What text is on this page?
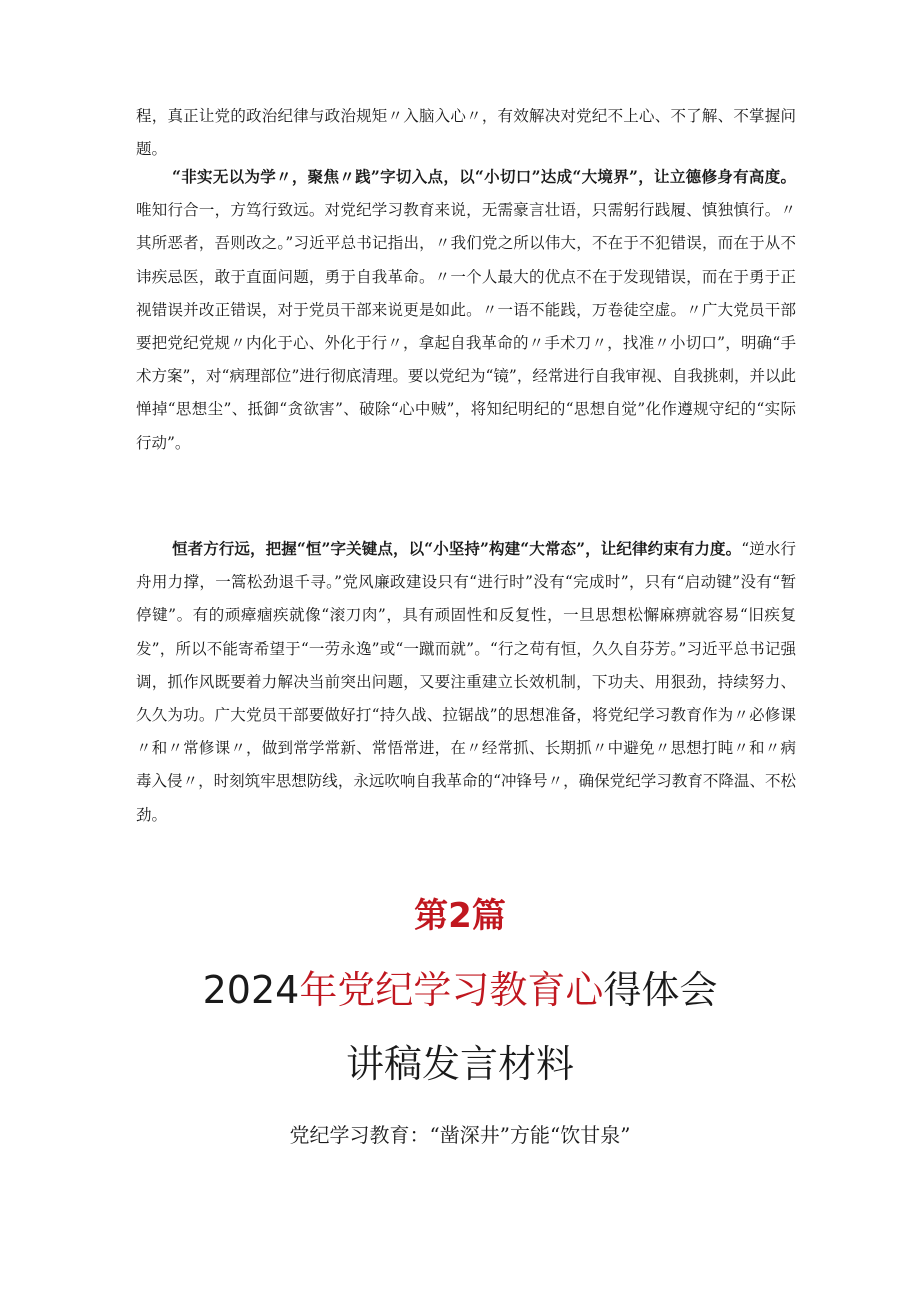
程，真正让党的政治纪律与政治规矩〃入脑入心〃，有效解决对党纪不上心、不了解、不掌握问题。

“非实无以为学〃，聚焦〃践”字切入点，以“小切口”达成“大境界”，让立德修身有高度。唯知行合一，方笃行致远。对党纪学习教育来说，无需豪言壮语，只需躬行践履、慎独慎行。〃其所恶者，吾则改之。”习近平总书记指出，〃我们党之所以伟大，不在于不犯错误，而在于从不讳疾忌医，敢于直面问题，勇于自我革命。〃一个人最大的优点不在于发现错误，而在于勇于正视错误并改正错误，对于党员干部来说更是如此。〃一语不能践，万卷徒空虚。〃广大党员干部要把党纪党规〃内化于心、外化于行〃，拿起自我革命的〃手术刀〃，找准〃小切口”，明确“手术方案”，对“病理部位”进行彻底清理。要以党纪为“镜”，经常进行自我审视、自我挑刺，并以此惮掉“思想尘”、抵御“贪欲害”、破除“心中贼”，将知纪明纪的“思想自觉”化作遵规守纪的“实际行动”。

恒者方行远，把握“恒”字关键点，以“小坚持”构建“大常态”，让纪律约束有力度。“逆水行舟用力撑，一篙松劲退千寻。”党风廉政建设只有“进行时”没有“完成时”，只有“启动键”没有“暂停键”。有的顽瘴痼疾就像“滚刀肉”，具有顽固性和反复性，一旦思想松懈麻痹就容易“旧疾复发”，所以不能寄希望于“一劳永逸”或“一蹴而就”。“行之苟有恒，久久自芬芳。”习近平总书记强调，抓作风既要着力解决当前突出问题，又要注重建立长效机制，下功夫、用狠劲，持续努力、久久为功。广大党员干部要做好打“持久战、拉锯战”的思想准备，将党纪学习教育作为〃必修课〃和〃常修课〃，做到常学常新、常悟常进，在〃经常抓、长期抓〃中避免〃思想打盹〃和〃病毒入侵〃，时刻筑牢思想防线，永远吹响自我革命的“冲锋号〃，确保党纪学习教育不降温、不松劲。

第2篇
2024年党纪学习教育心得体会
讲稿发言材料

党纪学习教育：“凿深井”方能“饮甘泉”
